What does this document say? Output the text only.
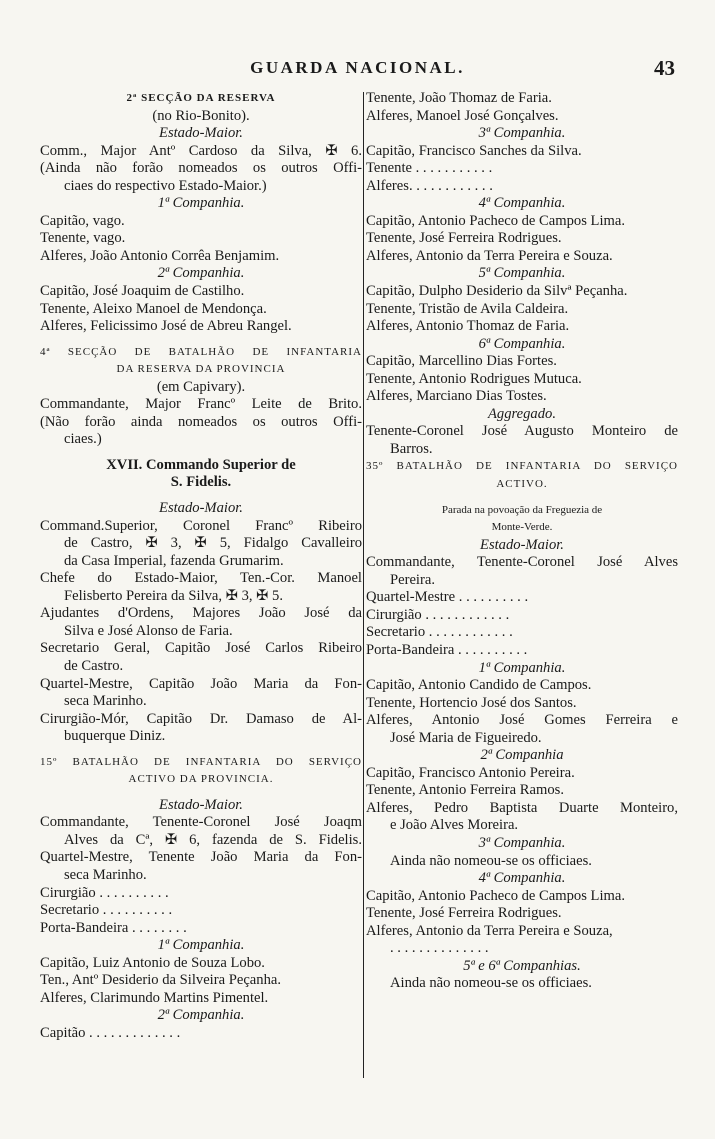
GUARDA NACIONAL.	43
2ª SECÇÃO DA RESERVA
(no Rio-Bonito).
Estado-Maior.
Comm., Major Antº Cardoso da Silva, ✠ 6.
(Ainda não forão nomeados os outros Offi-
ciaes do respectivo Estado-Maior.)
1ª Companhia.
Capitão, vago.
Tenente, vago.
Alferes, João Antonio Corrêa Benjamim.
2ª Companhia.
Capitão, José Joaquim de Castilho.
Tenente, Aleixo Manoel de Mendonça.
Alferes, Felicissimo José de Abreu Rangel.
4ª SECÇÃO DE BATALHÃO DE INFANTARIA
DA RESERVA DA PROVINCIA
(em Capivary).
Commandante, Major Francº Leite de Brito.
(Não forão ainda nomeados os outros Offi-
ciaes.)
XVII. Commando Superior de
S. Fidelis.
Estado-Maior.
Command.Superior, Coronel Francº Ribeiro
de Castro, ✠ 3, ✠ 5, Fidalgo Cavalleiro
da Casa Imperial, fazenda Grumarim.
Chefe do Estado-Maior, Ten.-Cor. Manoel
Felisberto Pereira da Silva, ✠ 3, ✠ 5.
Ajudantes d'Ordens, Majores João José da
Silva e José Alonso de Faria.
Secretario Geral, Capitão José Carlos Ribeiro
de Castro.
Quartel-Mestre, Capitão João Maria da Fon-
seca Marinho.
Cirurgião-Mór, Capitão Dr. Damaso de Al-
buquerque Diniz.
15º BATALHÃO DE INFANTARIA DO SERVIÇO
ACTIVO DA PROVINCIA.
Estado-Maior.
Commandante, Tenente-Coronel José Joaqm
Alves da Cª, ✠ 6, fazenda de S. Fidelis.
Quartel-Mestre, Tenente João Maria da Fon-
seca Marinho.
Cirurgião . . . . . . . . . .
Secretario . . . . . . . . . .
Porta-Bandeira . . . . . . . .
1ª Companhia.
Capitão, Luiz Antonio de Souza Lobo.
Ten., Antº Desiderio da Silveira Peçanha.
Alferes, Clarimundo Martins Pimentel.
2ª Companhia.
Capitão . . . . . . . . . . . . .
Tenente, João Thomaz de Faria.
Alferes, Manoel José Gonçalves.
3ª Companhia.
Capitão, Francisco Sanches da Silva.
Tenente . . . . . . . . . . .
Alferes. . . . . . . . . . . .
4ª Companhia.
Capitão, Antonio Pacheco de Campos Lima.
Tenente, José Ferreira Rodrigues.
Alferes, Antonio da Terra Pereira e Souza.
5ª Companhia.
Capitão, Dulpho Desiderio da Silvª Peçanha.
Tenente, Tristão de Avila Caldeira.
Alferes, Antonio Thomaz de Faria.
6ª Companhia.
Capitão, Marcellino Dias Fortes.
Tenente, Antonio Rodrigues Mutuca.
Alferes, Marciano Dias Tostes.
Aggregado.
Tenente-Coronel José Augusto Monteiro de
Barros.
35º BATALHÃO DE INFANTARIA DO SERVIÇO
ACTIVO.
Parada na povoação da Freguezia de
Monte-Verde.
Estado-Maior.
Commandante, Tenente-Coronel José Alves
Pereira.
Quartel-Mestre . . . . . . . . . .
Cirurgião . . . . . . . . . . . .
Secretario . . . . . . . . . . . .
Porta-Bandeira . . . . . . . . . .
1ª Companhia.
Capitão, Antonio Candido de Campos.
Tenente, Hortencio José dos Santos.
Alferes, Antonio José Gomes Ferreira e
José Maria de Figueiredo.
2ª Companhia
Capitão, Francisco Antonio Pereira.
Tenente, Antonio Ferreira Ramos.
Alferes, Pedro Baptista Duarte Monteiro,
e João Alves Moreira.
3ª Companhia.
Ainda não nomeou-se os officiaes.
4ª Companhia.
Capitão, Antonio Pacheco de Campos Lima.
Tenente, José Ferreira Rodrigues.
Alferes, Antonio da Terra Pereira e Souza,
. . . . . . . . . . . . . .
5ª e 6ª Companhias.
Ainda não nomeou-se os officiaes.
